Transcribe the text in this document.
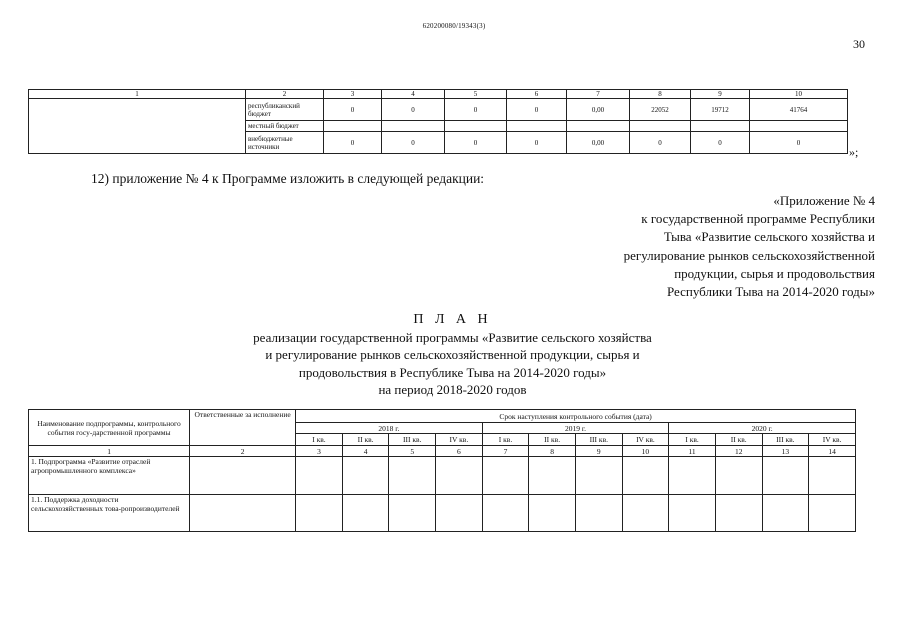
620200080/19343(3)
30
1	2	3	4	5	6	7	8	9	10
	республиканский бюджет	0	0	0	0	0,00	22052	19712	41764
	местный бюджет								
	внебюджетные источники	0	0	0	0	0,00	0	0	0
»;
12) приложение № 4 к Программе изложить в следующей редакции:
«Приложение № 4
к государственной программе Республики
Тыва «Развитие сельского хозяйства и
регулирование рынков сельскохозяйственной
продукции, сырья и продовольствия
Республики Тыва на 2014-2020 годы»
П Л А Н
реализации государственной программы «Развитие сельского хозяйства
и регулирование рынков сельскохозяйственной продукции, сырья и
продовольствия в Республике Тыва на 2014-2020 годы»
на период 2018-2020 годов
Наименование подпрограммы, контрольного события госу-дарственной программы	Ответственные за исполнение	Срок наступления контрольного события (дата)											
		2018 г.				2019 г.				2020 г.			
		I кв.	II кв.	III кв.	IV кв.	I кв.	II кв.	III кв.	IV кв.	I кв.	II кв.	III кв.	IV кв.
1	2	3	4	5	6	7	8	9	10	11	12	13	14
1. Подпрограмма «Развитие отраслей агропромышленного комплекса»													
1.1. Поддержка доходности сельскохозяйственных това-ропроизводителей													
